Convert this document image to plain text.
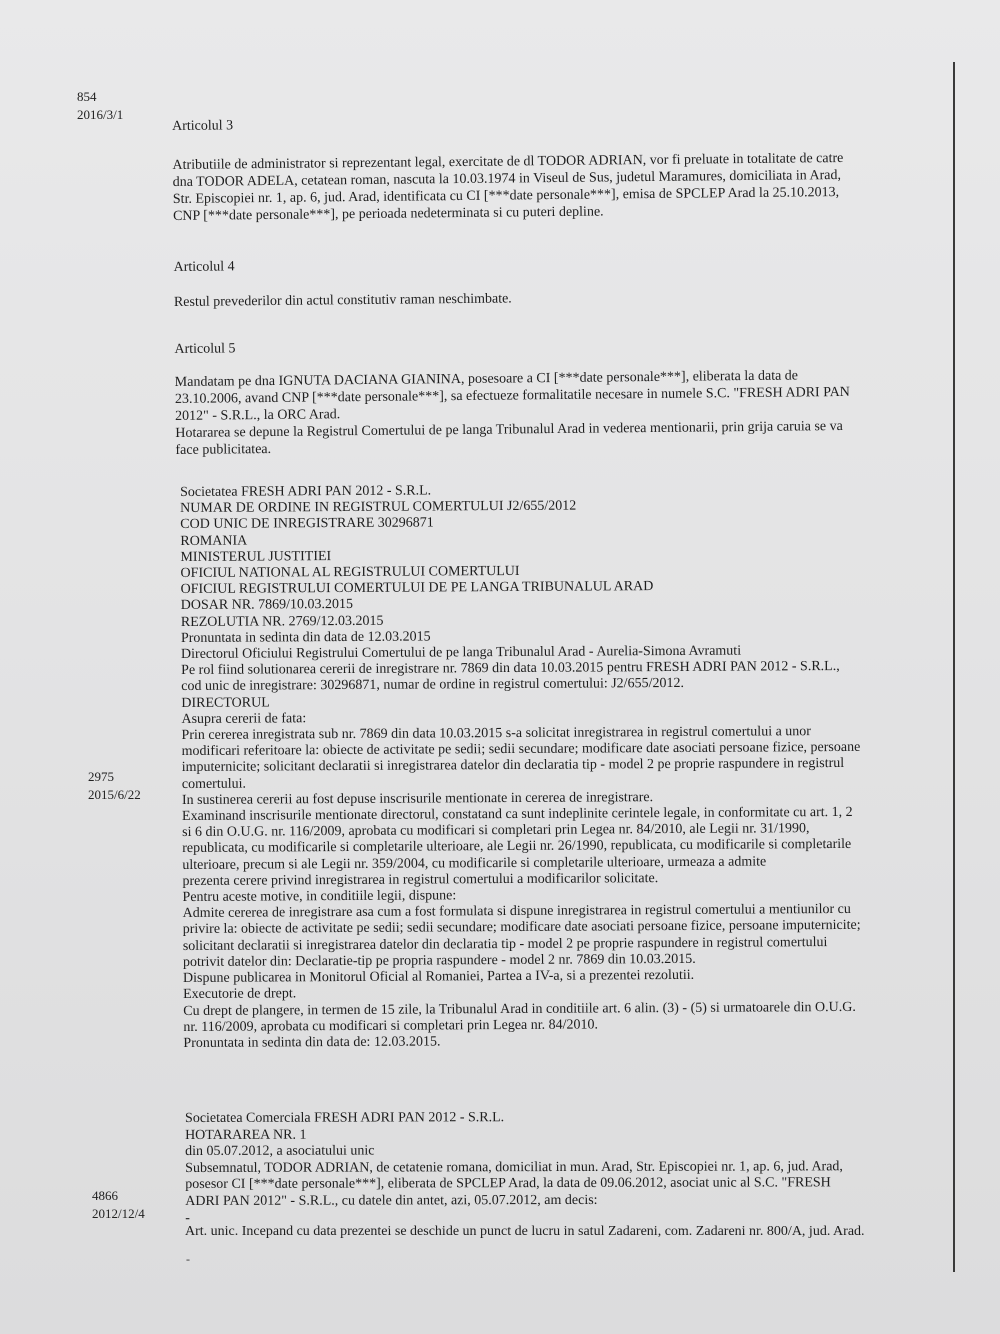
854
2016/3/1
2975
2015/6/22
4866
2012/12/4

Articolul 3

Atributiile de administrator si reprezentant legal, exercitate de dl TODOR ADRIAN, vor fi preluate in totalitate de catre

dna TODOR ADELA, cetatean roman, nascuta la 10.03.1974 in Viseul de Sus, judetul Maramures, domiciliata in Arad,

Str. Episcopiei nr. 1, ap. 6, jud. Arad, identificata cu CI [***date personale***], emisa de SPCLEP Arad la 25.10.2013,

CNP [***date personale***], pe perioada nedeterminata si cu puteri depline.

Articolul 4

Restul prevederilor din actul constitutiv raman neschimbate.

Articolul 5

Mandatam pe dna IGNUTA DACIANA GIANINA, posesoare a CI [***date personale***], eliberata la data de

23.10.2006, avand CNP [***date personale***], sa efectueze formalitatile necesare in numele S.C. "FRESH ADRI PAN

2012" - S.R.L., la ORC Arad.

Hotararea se depune la Registrul Comertului de pe langa Tribunalul Arad in vederea mentionarii, prin grija caruia se va

face publicitatea.

Societatea FRESH ADRI PAN 2012 - S.R.L.

NUMAR DE ORDINE IN REGISTRUL COMERTULUI J2/655/2012

COD UNIC DE INREGISTRARE 30296871

ROMANIA

MINISTERUL JUSTITIEI

OFICIUL NATIONAL AL REGISTRULUI COMERTULUI

OFICIUL REGISTRULUI COMERTULUI DE PE LANGA TRIBUNALUL ARAD

DOSAR NR. 7869/10.03.2015

REZOLUTIA NR. 2769/12.03.2015

Pronuntata in sedinta din data de 12.03.2015

Directorul Oficiului Registrului Comertului de pe langa Tribunalul Arad - Aurelia-Simona Avramuti

Pe rol fiind solutionarea cererii de inregistrare nr. 7869 din data 10.03.2015 pentru FRESH ADRI PAN 2012 - S.R.L.,

cod unic de inregistrare: 30296871, numar de ordine in registrul comertului: J2/655/2012.

DIRECTORUL

Asupra cererii de fata:

Prin cererea inregistrata sub nr. 7869 din data 10.03.2015 s-a solicitat inregistrarea in registrul comertului a unor

modificari referitoare la: obiecte de activitate pe sedii; sedii secundare; modificare date asociati persoane fizice, persoane

imputernicite; solicitant declaratii si inregistrarea datelor din declaratia tip - model 2 pe proprie raspundere in registrul

comertului.

In sustinerea cererii au fost depuse inscrisurile mentionate in cererea de inregistrare.

Examinand inscrisurile mentionate directorul, constatand ca sunt indeplinite cerintele legale, in conformitate cu art. 1, 2

si 6 din O.U.G. nr. 116/2009, aprobata cu modificari si completari prin Legea nr. 84/2010, ale Legii nr. 31/1990,

republicata, cu modificarile si completarile ulterioare, ale Legii nr. 26/1990, republicata, cu modificarile si completarile

ulterioare, precum si ale Legii nr. 359/2004, cu modificarile si completarile ulterioare, urmeaza a admite

prezenta cerere privind inregistrarea in registrul comertului a modificarilor solicitate.

Pentru aceste motive, in conditiile legii, dispune:

Admite cererea de inregistrare asa cum a fost formulata si dispune inregistrarea in registrul comertului a mentiunilor cu

privire la: obiecte de activitate pe sedii; sedii secundare; modificare date asociati persoane fizice, persoane imputernicite;

solicitant declaratii si inregistrarea datelor din declaratia tip - model 2 pe proprie raspundere in registrul comertului

potrivit datelor din: Declaratie-tip pe propria raspundere - model 2 nr. 7869 din 10.03.2015.

Dispune publicarea in Monitorul Oficial al Romaniei, Partea a IV-a, si a prezentei rezolutii.

Executorie de drept.

Cu drept de plangere, in termen de 15 zile, la Tribunalul Arad in conditiile art. 6 alin. (3) - (5) si urmatoarele din O.U.G.

nr. 116/2009, aprobata cu modificari si completari prin Legea nr. 84/2010.

Pronuntata in sedinta din data de: 12.03.2015.

Societatea Comerciala FRESH ADRI PAN 2012 - S.R.L.

HOTARAREA NR. 1

din 05.07.2012, a asociatului unic

Subsemnatul, TODOR ADRIAN, de cetatenie romana, domiciliat in mun. Arad, Str. Episcopiei nr. 1, ap. 6, jud. Arad,

posesor CI [***date personale***], eliberata de SPCLEP Arad, la data de 09.06.2012, asociat unic al S.C. "FRESH

ADRI PAN 2012" - S.R.L., cu datele din antet, azi, 05.07.2012, am decis:

-

Art. unic. Incepand cu data prezentei se deschide un punct de lucru in satul Zadareni, com. Zadareni nr. 800/A, jud. Arad.

-
